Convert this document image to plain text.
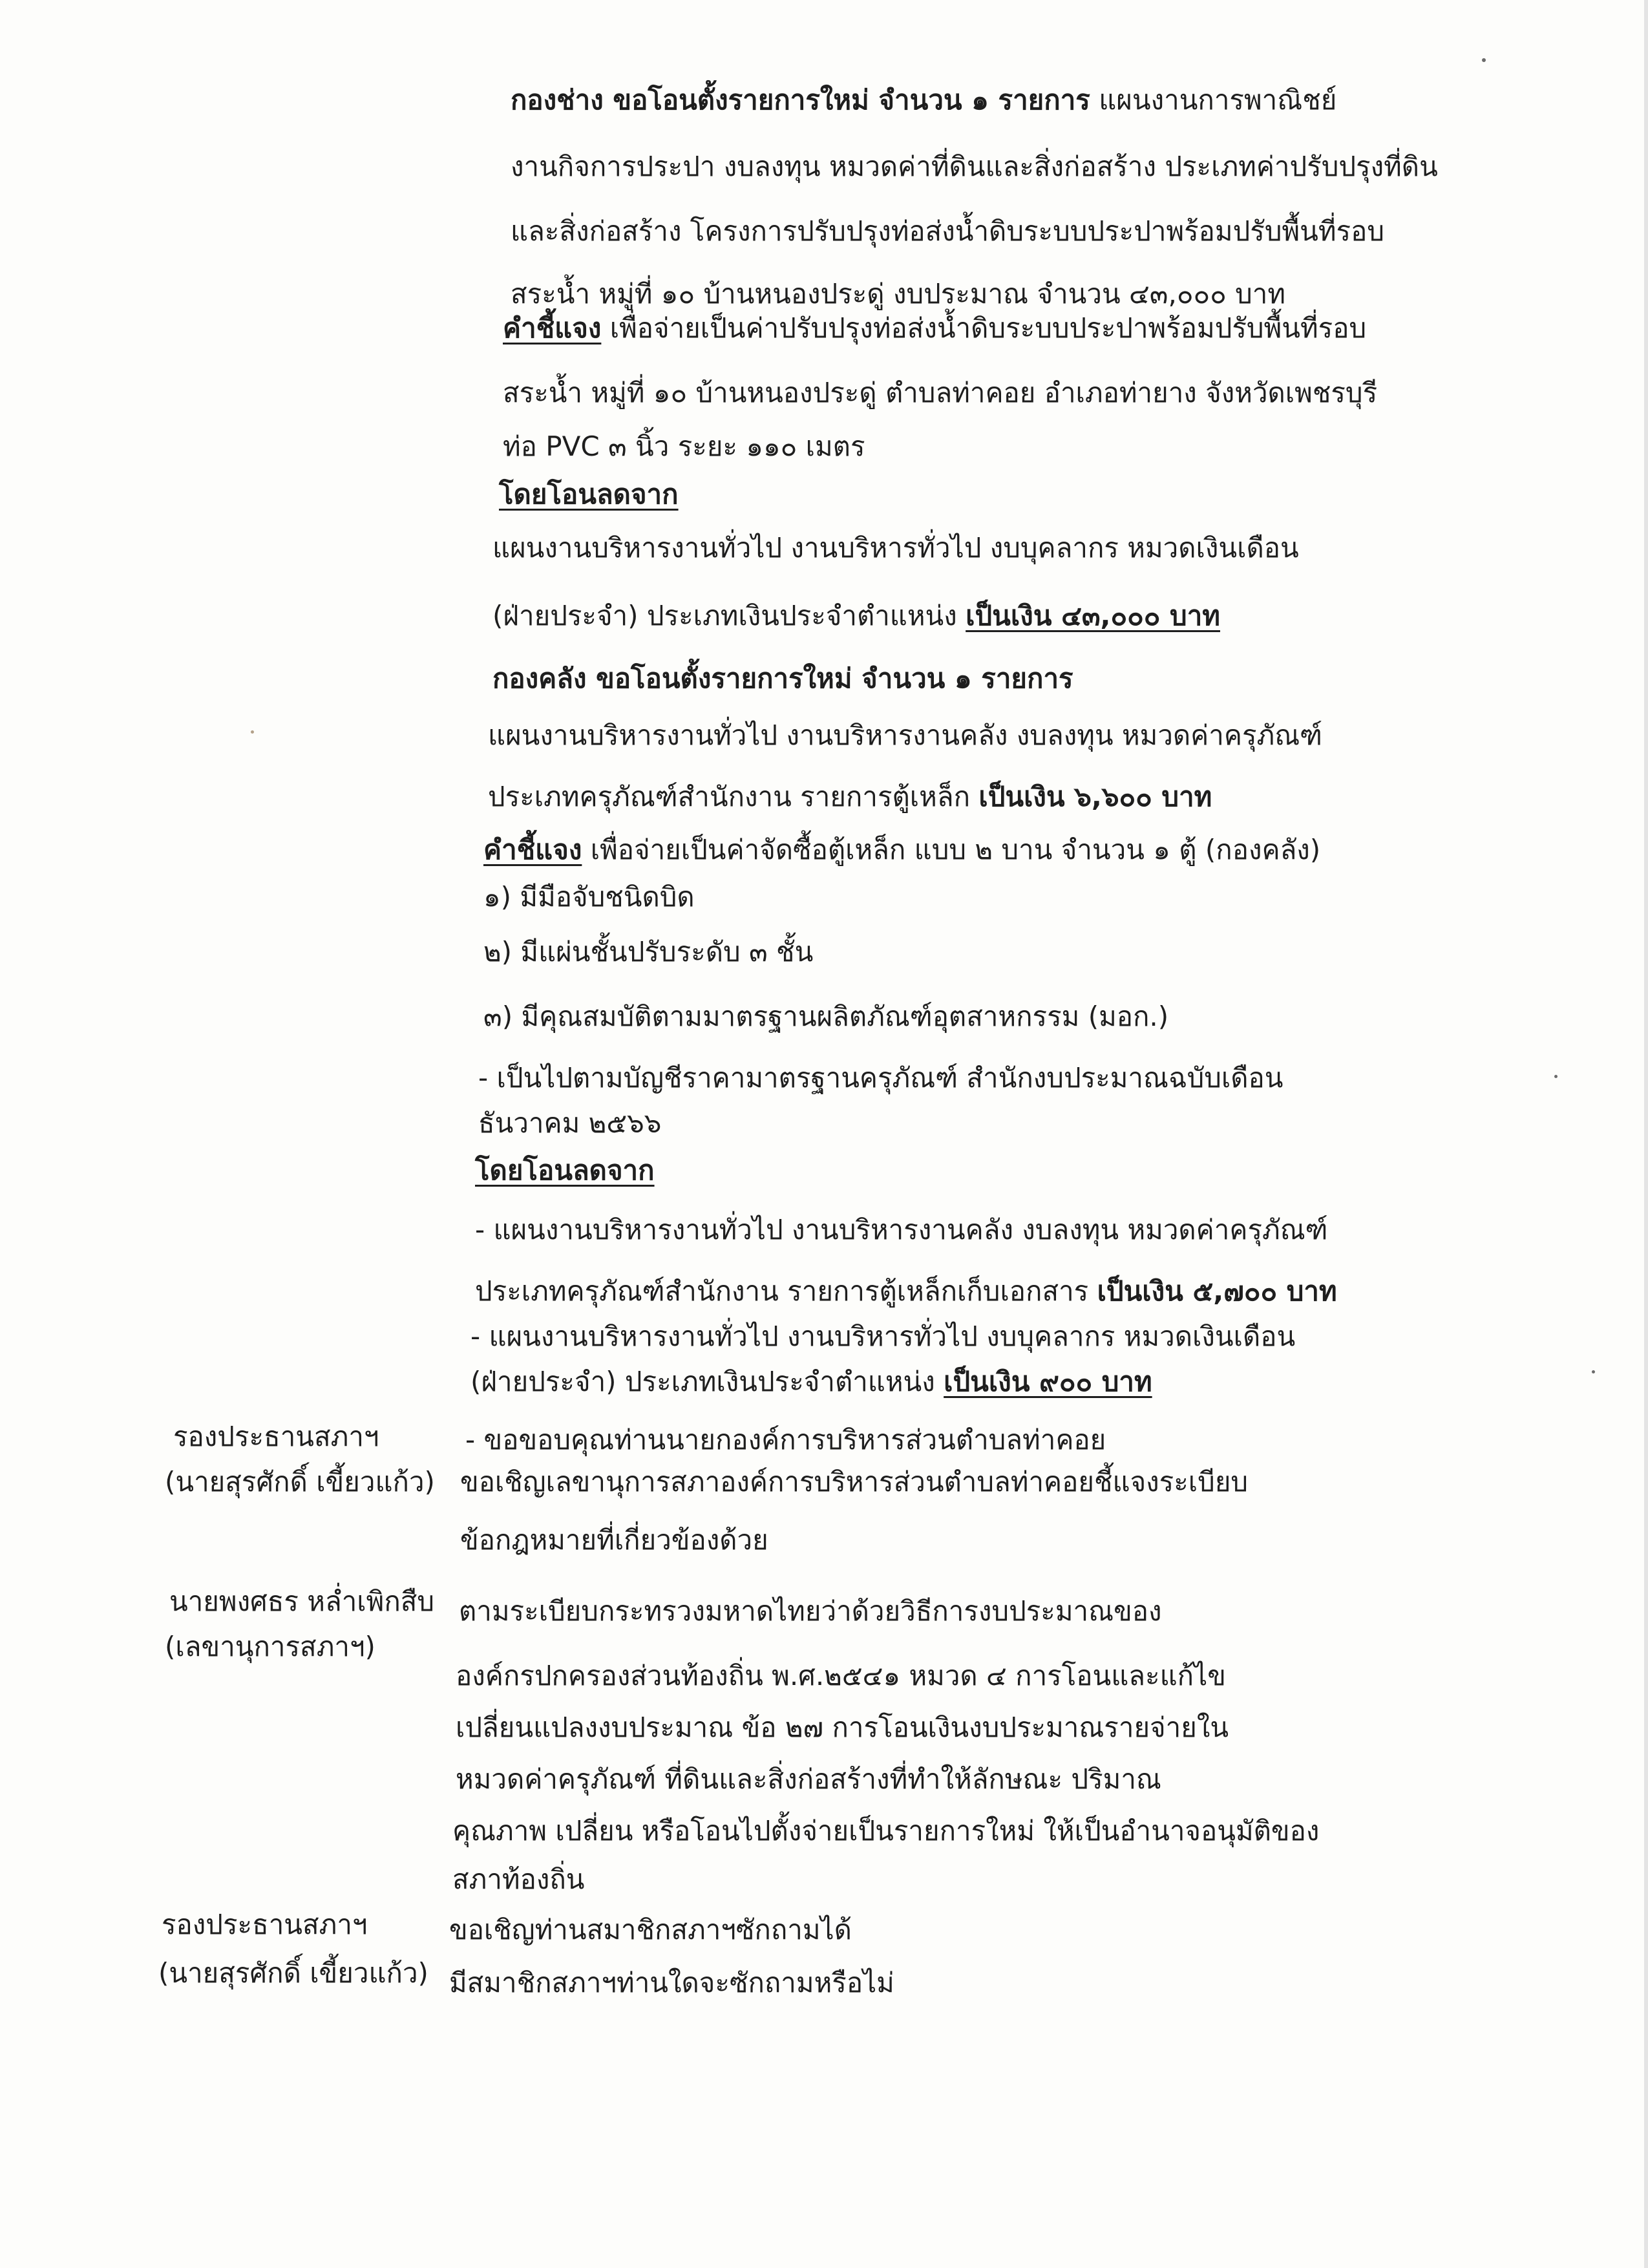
กองช่าง ขอโอนตั้งรายการใหม่ จำนวน ๑ รายการ แผนงานการพาณิชย์
งานกิจการประปา งบลงทุน หมวดค่าที่ดินและสิ่งก่อสร้าง ประเภทค่าปรับปรุงที่ดิน
และสิ่งก่อสร้าง โครงการปรับปรุงท่อส่งน้ำดิบระบบประปาพร้อมปรับพื้นที่รอบ
สระน้ำ หมู่ที่ ๑๐ บ้านหนองประดู่ งบประมาณ จำนวน ๔๓,๐๐๐ บาท
คำชี้แจง เพื่อจ่ายเป็นค่าปรับปรุงท่อส่งน้ำดิบระบบประปาพร้อมปรับพื้นที่รอบ
สระน้ำ หมู่ที่ ๑๐ บ้านหนองประดู่ ตำบลท่าคอย อำเภอท่ายาง จังหวัดเพชรบุรี
ท่อ PVC ๓ นิ้ว ระยะ ๑๑๐ เมตร
โดยโอนลดจาก
แผนงานบริหารงานทั่วไป งานบริหารทั่วไป งบบุคลากร หมวดเงินเดือน
(ฝ่ายประจำ) ประเภทเงินประจำตำแหน่ง เป็นเงิน ๔๓,๐๐๐ บาท
กองคลัง ขอโอนตั้งรายการใหม่ จำนวน ๑ รายการ
แผนงานบริหารงานทั่วไป งานบริหารงานคลัง งบลงทุน หมวดค่าครุภัณฑ์
ประเภทครุภัณฑ์สำนักงาน รายการตู้เหล็ก เป็นเงิน ๖,๖๐๐ บาท
คำชี้แจง เพื่อจ่ายเป็นค่าจัดซื้อตู้เหล็ก แบบ ๒ บาน จำนวน ๑ ตู้ (กองคลัง)
๑) มีมือจับชนิดบิด
๒) มีแผ่นชั้นปรับระดับ ๓ ชั้น
๓) มีคุณสมบัติตามมาตรฐานผลิตภัณฑ์อุตสาหกรรม (มอก.)
- เป็นไปตามบัญชีราคามาตรฐานครุภัณฑ์ สำนักงบประมาณฉบับเดือน
ธันวาคม ๒๕๖๖
โดยโอนลดจาก
- แผนงานบริหารงานทั่วไป งานบริหารงานคลัง งบลงทุน หมวดค่าครุภัณฑ์
ประเภทครุภัณฑ์สำนักงาน รายการตู้เหล็กเก็บเอกสาร เป็นเงิน ๕,๗๐๐ บาท
- แผนงานบริหารงานทั่วไป งานบริหารทั่วไป งบบุคลากร หมวดเงินเดือน
(ฝ่ายประจำ) ประเภทเงินประจำตำแหน่ง เป็นเงิน ๙๐๐ บาท
รองประธานสภาฯ
(นายสุรศักดิ์ เขี้ยวแก้ว)
- ขอขอบคุณท่านนายกองค์การบริหารส่วนตำบลท่าคอย
ขอเชิญเลขานุการสภาองค์การบริหารส่วนตำบลท่าคอยชี้แจงระเบียบ
ข้อกฎหมายที่เกี่ยวข้องด้วย
นายพงศธร หล่ำเพิกสืบ
(เลขานุการสภาฯ)
ตามระเบียบกระทรวงมหาดไทยว่าด้วยวิธีการงบประมาณของ
องค์กรปกครองส่วนท้องถิ่น พ.ศ.๒๕๔๑ หมวด ๔ การโอนและแก้ไข
เปลี่ยนแปลงงบประมาณ ข้อ ๒๗ การโอนเงินงบประมาณรายจ่ายใน
หมวดค่าครุภัณฑ์ ที่ดินและสิ่งก่อสร้างที่ทำให้ลักษณะ ปริมาณ
คุณภาพ เปลี่ยน หรือโอนไปตั้งจ่ายเป็นรายการใหม่ ให้เป็นอำนาจอนุมัติของ
สภาท้องถิ่น
รองประธานสภาฯ
(นายสุรศักดิ์ เขี้ยวแก้ว)
ขอเชิญท่านสมาชิกสภาฯซักถามได้
มีสมาชิกสภาฯท่านใดจะซักถามหรือไม่
